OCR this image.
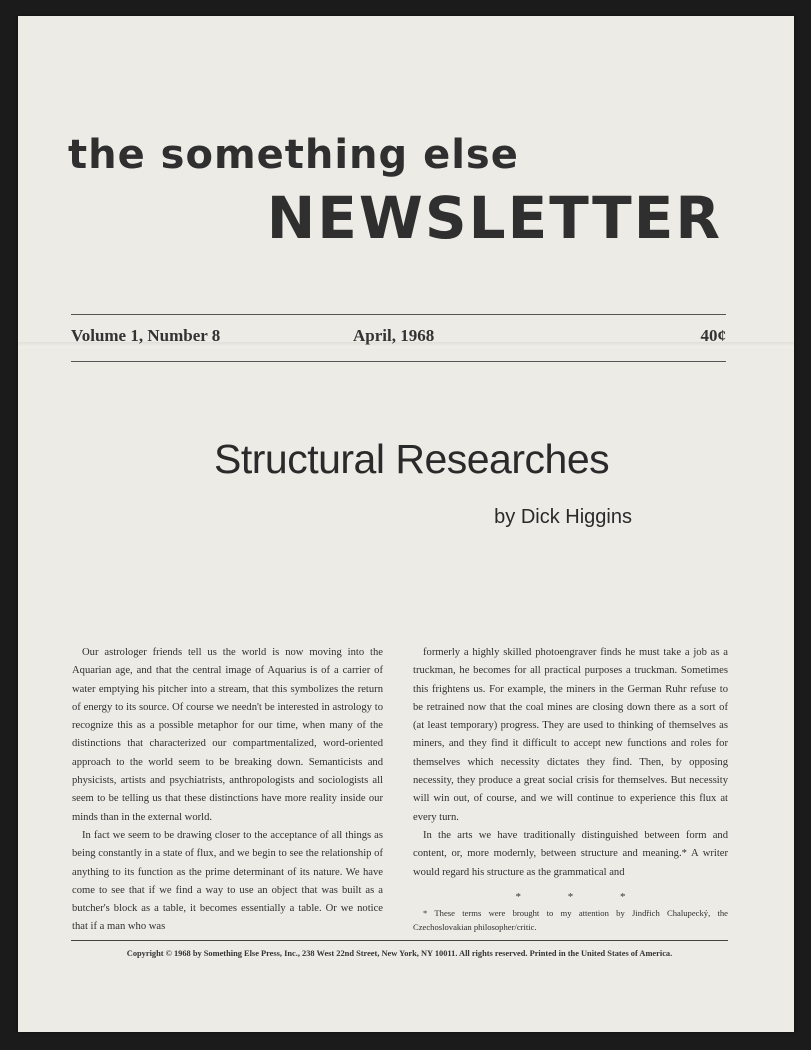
the something else
NEWSLETTER
Volume 1, Number 8	April, 1968	40¢
Structural Researches
by Dick Higgins

Our astrologer friends tell us the world is now moving into the Aquarian age, and that the central image of Aquarius is of a carrier of water emptying his pitcher into a stream, that this symbolizes the return of energy to its source. Of course we needn't be interested in astrology to recognize this as a possible metaphor for our time, when many of the distinctions that characterized our compartmentalized, word-oriented approach to the world seem to be breaking down. Semanticists and physicists, artists and psychiatrists, anthropologists and sociologists all seem to be telling us that these distinctions have more reality inside our minds than in the external world.

In fact we seem to be drawing closer to the acceptance of all things as being constantly in a state of flux, and we begin to see the relationship of anything to its function as the prime determinant of its nature. We have come to see that if we find a way to use an object that was built as a butcher's block as a table, it becomes essentially a table. Or we notice that if a man who was

formerly a highly skilled photoengraver finds he must take a job as a truckman, he becomes for all practical purposes a truckman. Sometimes this frightens us. For example, the miners in the German Ruhr refuse to be retrained now that the coal mines are closing down there as a sort of (at least temporary) progress. They are used to thinking of themselves as miners, and they find it difficult to accept new functions and roles for themselves which necessity dictates they find. Then, by opposing necessity, they produce a great social crisis for themselves. But necessity will win out, of course, and we will continue to experience this flux at every turn.

In the arts we have traditionally distinguished between form and content, or, more modernly, between structure and meaning.* A writer would regard his structure as the grammatical and

* * *

* These terms were brought to my attention by Jindřich Chalupecký, the Czechoslovakian philosopher/critic.

Copyright © 1968 by Something Else Press, Inc., 238 West 22nd Street, New York, NY 10011. All rights reserved. Printed in the United States of America.
